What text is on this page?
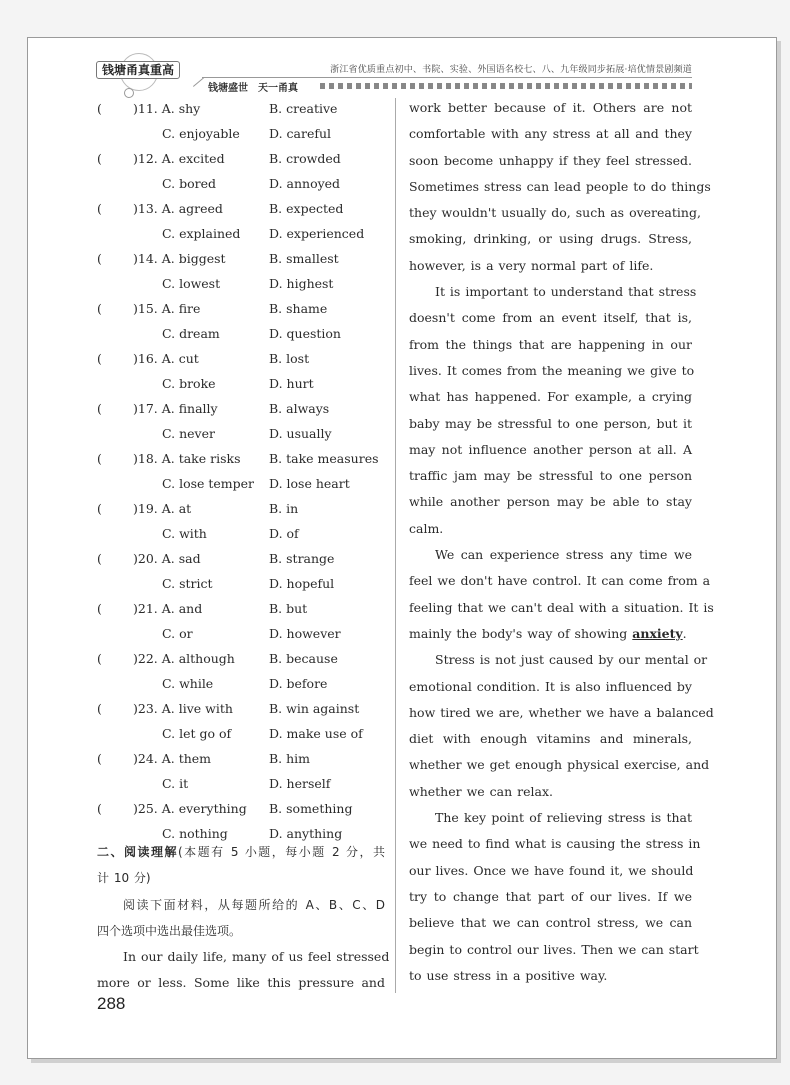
钱塘甬真重高	浙江省优质重点初中、书院、实验、外国语名校七、八、九年级同步拓展·培优情景剧频道
钱塘盛世　天一甬真
( )11. A. shy	B. creative
C. enjoyable D. careful
( )12. A. excited	B. crowded
C. bored	D. annoyed
( )13. A. agreed	B. expected
C. explained D. experienced
( )14. A. biggest	B. smallest
C. lowest	D. highest
( )15. A. fire	B. shame
C. dream	D. question
( )16. A. cut	B. lost
C. broke	D. hurt
( )17. A. finally	B. always
C. never	D. usually
( )18. A. take risks B. take measures
C. lose temper D. lose heart
( )19. A. at	B. in
C. with	D. of
( )20. A. sad	B. strange
C. strict	D. hopeful
( )21. A. and	B. but
C. or	D. however
( )22. A. although	B. because
C. while	D. before
( )23. A. live with	B. win against
C. let go of	D. make use of
( )24. A. them	B. him
C. it	D. herself
( )25. A. everything B. something
C. nothing	D. anything
二、阅读理解(本题有 5 小题，每小题 2 分，共
计 10 分)
阅读下面材料，从每题所给的 A、B、C、D
四个选项中选出最佳选项。
In our daily life, many of us feel stressed
more or less. Some like this pressure and
work better because of it. Others are not
comfortable with any stress at all and they
soon become unhappy if they feel stressed.
Sometimes stress can lead people to do things
they wouldn't usually do, such as overeating,
smoking, drinking, or using drugs. Stress,
however, is a very normal part of life.
It is important to understand that stress
doesn't come from an event itself, that is,
from the things that are happening in our
lives. It comes from the meaning we give to
what has happened. For example, a crying
baby may be stressful to one person, but it
may not influence another person at all. A
traffic jam may be stressful to one person
while another person may be able to stay
calm.
We can experience stress any time we
feel we don't have control. It can come from a
feeling that we can't deal with a situation. It is
mainly the body's way of showing anxiety.
Stress is not just caused by our mental or
emotional condition. It is also influenced by
how tired we are, whether we have a balanced
diet with enough vitamins and minerals,
whether we get enough physical exercise, and
whether we can relax.
The key point of relieving stress is that
we need to find what is causing the stress in
our lives. Once we have found it, we should
try to change that part of our lives. If we
believe that we can control stress, we can
begin to control our lives. Then we can start
to use stress in a positive way.
288
